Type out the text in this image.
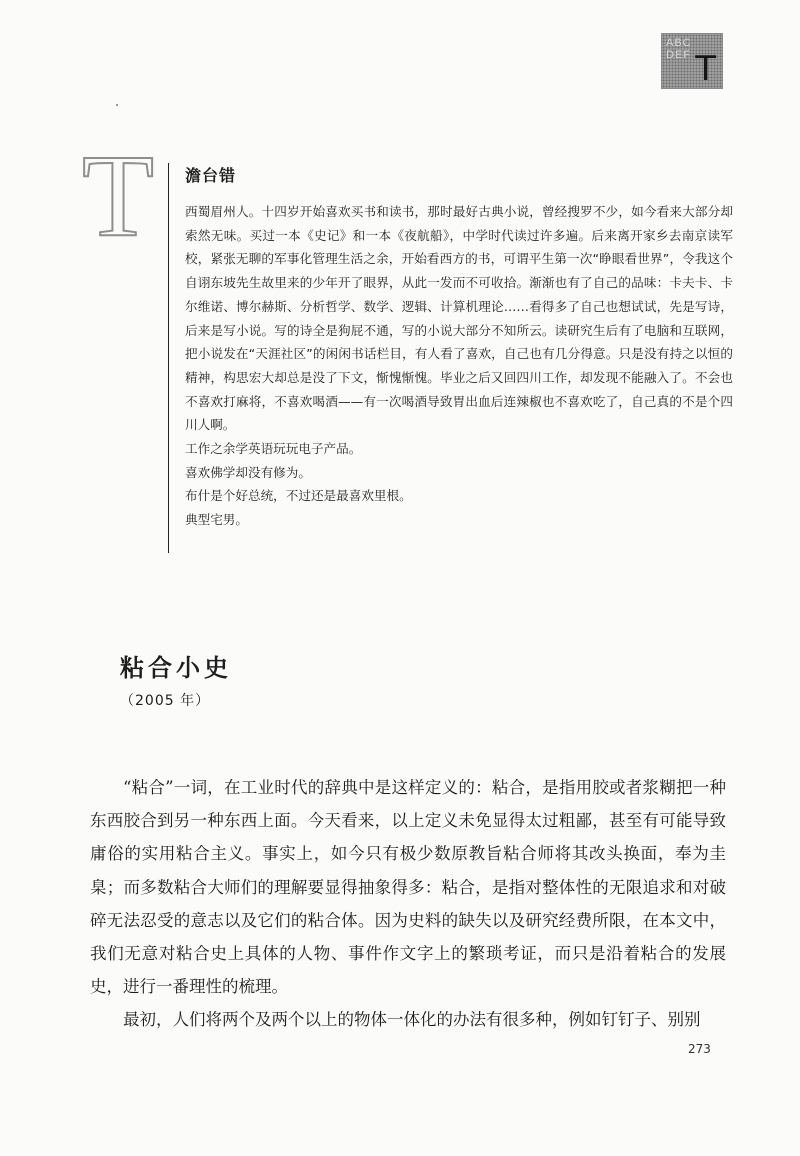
ABC
DEF T
T 澹台错

西蜀眉州人。十四岁开始喜欢买书和读书，那时最好古典小说，曾经搜罗不少，如今看来大部分却索然无味。买过一本《史记》和一本《夜航船》，中学时代读过许多遍。后来离开家乡去南京读军校，紧张无聊的军事化管理生活之余，开始看西方的书，可谓平生第一次“睁眼看世界”，令我这个自诩东坡先生故里来的少年开了眼界，从此一发而不可收拾。渐渐也有了自己的品味：卡夫卡、卡尔维诺、博尔赫斯、分析哲学、数学、逻辑、计算机理论……看得多了自己也想试试，先是写诗，后来是写小说。写的诗全是狗屁不通，写的小说大部分不知所云。读研究生后有了电脑和互联网，把小说发在“天涯社区”的闲闲书话栏目，有人看了喜欢，自己也有几分得意。只是没有持之以恒的精神，构思宏大却总是没了下文，惭愧惭愧。毕业之后又回四川工作，却发现不能融入了。不会也不喜欢打麻将，不喜欢喝酒——有一次喝酒导致胃出血后连辣椒也不喜欢吃了，自己真的不是个四川人啊。

工作之余学英语玩玩电子产品。

喜欢佛学却没有修为。

布什是个好总统，不过还是最喜欢里根。

典型宅男。

粘合小史
（2005 年）

“粘合”一词，在工业时代的辞典中是这样定义的：粘合，是指用胶或者浆糊把一种东西胶合到另一种东西上面。今天看来，以上定义未免显得太过粗鄙，甚至有可能导致庸俗的实用粘合主义。事实上，如今只有极少数原教旨粘合师将其改头换面，奉为圭臬；而多数粘合大师们的理解要显得抽象得多：粘合，是指对整体性的无限追求和对破碎无法忍受的意志以及它们的粘合体。因为史料的缺失以及研究经费所限，在本文中，我们无意对粘合史上具体的人物、事件作文字上的繁琐考证，而只是沿着粘合的发展史，进行一番理性的梳理。

最初，人们将两个及两个以上的物体一体化的办法有很多种，例如钉钉子、别别

273
